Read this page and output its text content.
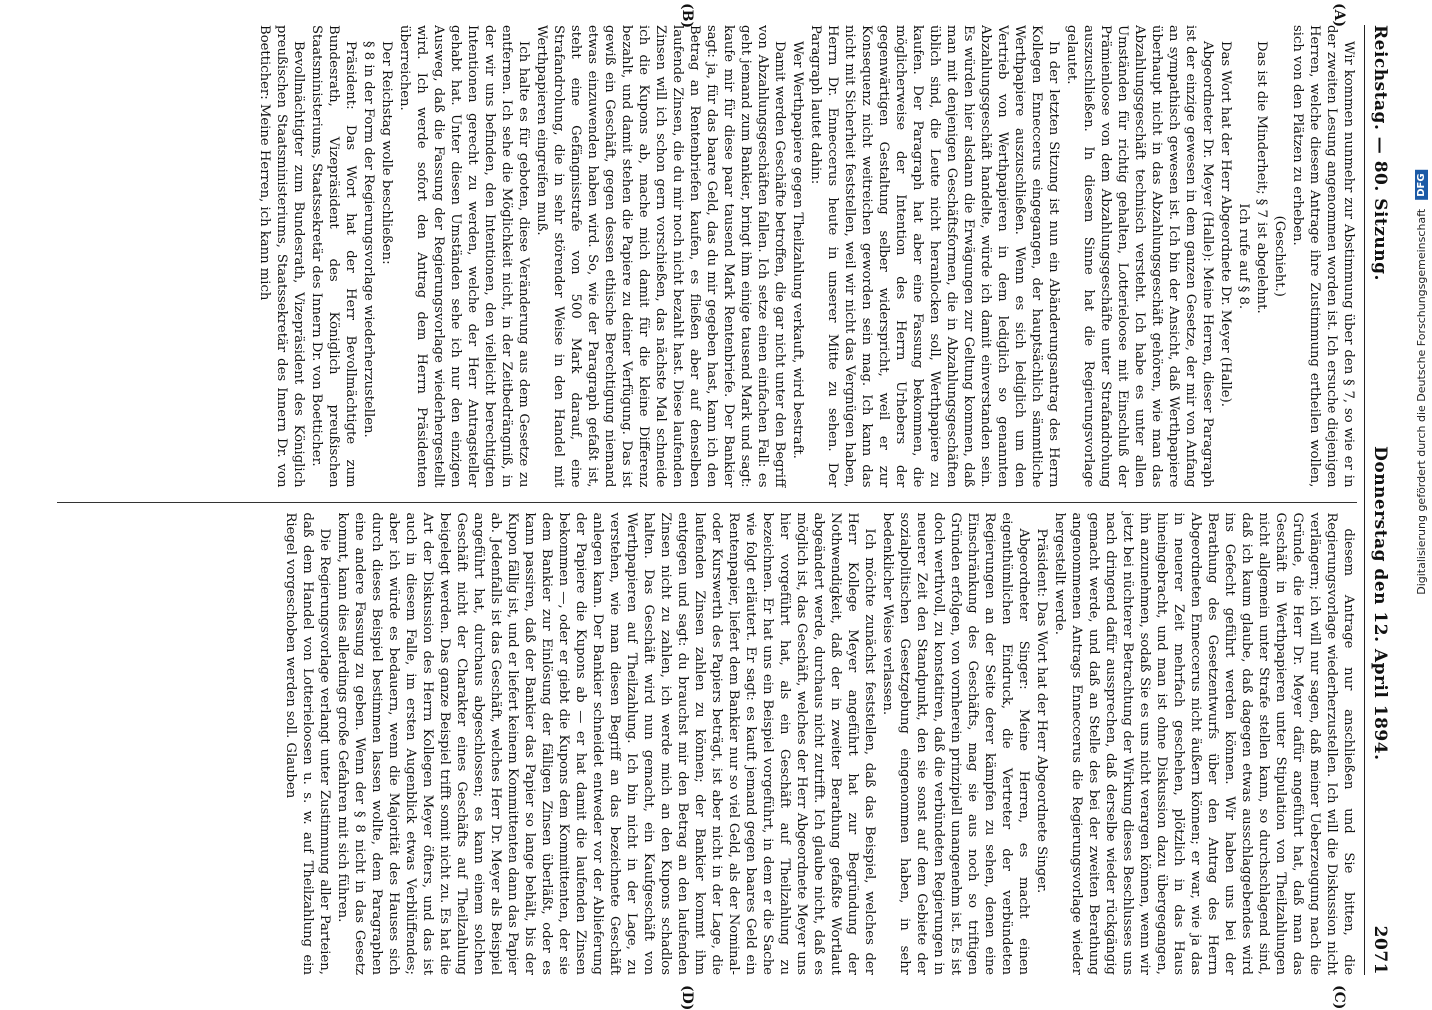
Reichstag. — 80. Sitzung.
Donnerstag den 12. April 1894.
2071

Wir kommen nunmehr zur Abstimmung über den § 7, so wie er in der zweiten Lesung angenommen worden ist. Ich ersuche diejenigen Herren, welche diesem Antrage ihre Zustimmung ertheilen wollen, sich von den Plätzen zu erheben.

(Geschieht.)

Das ist die Minderheit; § 7 ist abgelehnt.

Ich rufe auf § 8.

Das Wort hat der Herr Abgeordnete Dr. Meyer (Halle).

Abgeordneter Dr. Meyer (Halle): Meine Herren, dieser Paragraph ist der einzige gewesen in dem ganzen Gesetze, der mir von Anfang an sympathisch gewesen ist. Ich bin der Ansicht, daß Werthpapiere überhaupt nicht in das Abzahlungsgeschäft gehören, wie man das Abzahlungsgeschäft technisch versteht. Ich habe es unter allen Umständen für richtig gehalten, Lotterieloose mit Einschluß der Prämienloose von dem Abzahlungsgeschäfte unter Strafandrohung auszuschließen. In diesem Sinne hat die Regierungsvorlage gelautet.

In der letzten Sitzung ist nun ein Abänderungsantrag des Herrn Kollegen Enneccerus eingegangen, der hauptsächlich sämmtliche Werthpapiere auszuschließen. Wenn es sich lediglich um den Vertrieb von Werthpapieren in dem lediglich so genannten Abzahlungsgeschäft handelte, würde ich damit einverstanden sein. Es würden hier alsdann die Erwägungen zur Geltung kommen, daß man mit denjenigen Geschäftsformen, die in Abzahlungsgeschäften üblich sind, die Leute nicht heranlocken soll, Werthpapiere zu kaufen. Der Paragraph hat aber eine Fassung bekommen, die möglicherweise der Intention des Herrn Urhebers der gegenwärtigen Gestaltung selber widerspricht, weil er zur Konsequenz nicht weitreichen geworden sein mag. Ich kann das nicht mit Sicherheit feststellen, weil wir nicht das Vergnügen haben, Herrn Dr. Enneccerus heute in unserer Mitte zu sehen. Der Paragraph lautet dahin:

Wer Werthpapiere gegen Theilzahlung verkauft, wird bestraft.

Damit werden Geschäfte betroffen, die gar nicht unter den Begriff von Abzahlungsgeschäften fallen. Ich setze einen einfachen Fall: es geht jemand zum Bankier, bringt ihm einige tausend Mark und sagt: kaufe mir für diese paar tausend Mark Rentenbriefe. Der Bankier sagt: ja, für das baare Geld, das du mir gegeben hast, kann ich den Betrag an Rentenbriefen kaufen, es fließen aber auf denselben laufende Zinsen, die du mir noch nicht bezahlt hast. Diese laufenden Zinsen will ich schon gern vorschießen, das nächste Mal schneide ich die Kupons ab, mache mich damit für die kleine Differenz bezahlt, und damit stehen die Papiere zu deiner Verfügung. Das ist gewiß ein Geschäft, gegen dessen ethische Berechtigung niemand etwas einzuwenden haben wird. So, wie der Paragraph gefaßt ist, steht eine Gefängnisstrafe von 500 Mark darauf, eine Strafandrohung, die in sehr störender Weise in den Handel mit Werthpapieren eingreifen muß.

Ich halte es für geboten, diese Veränderung aus dem Gesetze zu entfernen. Ich sehe die Möglichkeit nicht, in der Zeitbedrängniß, in der wir uns befinden, den Intentionen, den vielleicht berechtigten Intentionen gerecht zu werden, welche der Herr Antragsteller gehabt hat. Unter diesen Umständen sehe ich nur den einzigen Ausweg, daß die Fassung der Regierungsvorlage wiederhergestellt wird. Ich werde sofort den Antrag dem Herrn Präsidenten überreichen.

Der Reichstag wolle beschließen:

§ 8 in der Form der Regierungsvorlage wiederherzustellen.

Präsident: Das Wort hat der Herr Bevollmächtigte zum Bundesrath, Vizepräsident des Königlich preußischen Staatsministeriums, Staatssekretär des Innern Dr. von Boetticher.

Bevollmächtigter zum Bundesrath, Vizepräsident des Königlich preußischen Staatsministeriums, Staatssekretär des Innern Dr. von Boetticher: Meine Herren, ich kann mich

diesem Antrage nur anschließen und Sie bitten, die Regierungsvorlage wiederherzustellen. Ich will die Diskussion nicht verlängern; ich will nur sagen, daß meiner Ueberzeugung nach die Gründe, die Herr Dr. Meyer dafür angeführt hat, daß man das Geschäft in Werthpapieren unter Stipulation von Theilzahlungen nicht allgemein unter Strafe stellen kann, so durchschlagend sind, daß ich kaum glaube, daß dagegen etwas ausschlaggebendes wird ins Gefecht geführt werden können. Wir haben uns bei der Berathung des Gesetzentwurfs über den Antrag des Herrn Abgeordneten Enneccerus nicht äußern können; er war, wie ja das in neuerer Zeit mehrfach geschehen, plötzlich in das Haus hineingebracht, und man ist ohne Diskussion dazu übergegangen, ihn anzunehmen, sodaß Sie es uns nicht verargen können, wenn wir jetzt bei nüchterer Betrachtung der Wirkung dieses Beschlusses uns nach dringend dafür aussprechen, daß derselbe wieder rückgängig gemacht werde, und daß an Stelle des bei der zweiten Berathung angenommenen Antrags Enneccerus die Regierungsvorlage wieder hergestellt werde.

Präsident: Das Wort hat der Herr Abgeordnete Singer.

Abgeordneter Singer: Meine Herren, es macht einen eigenthümlichen Eindruck, die Vertreter der verbündeten Regierungen an der Seite derer kämpfen zu sehen, denen eine Einschränkung des Geschäfts, mag sie aus noch so triftigen Gründen erfolgen, von vornherein prinzipiell unangenehm ist. Es ist doch werthvoll, zu konstatiren, daß die verbündeten Regierungen in neuerer Zeit den Standpunkt, den sie sonst auf dem Gebiete der sozialpolitischen Gesetzgebung eingenommen haben, in sehr bedenklicher Weise verlassen.

Ich möchte zunächst feststellen, daß das Beispiel, welches der Herr Kollege Meyer angeführt hat zur Begründung der Nothwendigkeit, daß der in zweiter Berathung gefaßte Wortlaut abgeändert werde, durchaus nicht zutrifft. Ich glaube nicht, daß es möglich ist, das Geschäft, welches der Herr Abgeordnete Meyer uns hier vorgeführt hat, als ein Geschäft auf Theilzahlung zu bezeichnen. Er hat uns ein Beispiel vorgeführt, in dem er die Sache wie folgt erläutert. Er sagt: es kauft jemand gegen baares Geld ein Rentenpapier, liefert dem Bankier nur so viel Geld, als der Nominal- oder Kurswerth des Papiers beträgt, ist aber nicht in der Lage, die laufenden Zinsen zahlen zu können; der Bankier kommt ihm entgegen und sagt: du brauchst mir den Betrag an den laufenden Zinsen nicht zu zahlen, ich werde mich an den Kupons schadlos halten. Das Geschäft wird nun gemacht, ein Kaufgeschäft von Werthpapieren auf Theilzahlung. Ich bin nicht in der Lage, zu verstehen, wie man diesen Begriff an das bezeichnete Geschäft anlegen kann. Der Bankier schneidet entweder vor der Ablieferung der Papiere die Kupons ab — er hat damit die laufenden Zinsen bekommen —, oder er giebt die Kupons dem Kommittenten, der sie dem Bankier zur Einlösung der fälligen Zinsen überläßt, oder es kann passiren, daß der Bankier das Papier so lange behält, bis der Kupon fällig ist, und er liefert keinem Kommittenten dann das Papier ab. Jedenfalls ist das Geschäft, welches Herr Dr. Meyer als Beispiel angeführt hat, durchaus abgeschlossen; es kann einem solchen Geschäft nicht der Charakter eines Geschäfts auf Theilzahlung beigelegt werden. Das ganze Beispiel trifft somit nicht zu. Es hat die Art der Diskussion des Herrn Kollegen Meyer öfters, und das ist auch in diesem Falle, im ersten Augenblick etwas Verblüffendes; aber ich würde es bedauern, wenn die Majorität des Hauses sich durch dieses Beispiel bestimmen lassen wollte, dem Paragraphen eine andere Fassung zu geben. Wenn der § 8 nicht in das Gesetz kommt, kann dies allerdings große Gefahren mit sich führen.

Die Regierungsvorlage verlangt unter Zustimmung aller Parteien, daß dem Handel von Lotterieloosen u. s. w. auf Theilzahlung ein Riegel vorgeschoben werden soll. Glauben

(A)
(B)
(C)
(D)
Digitalisierung gefördert durch die Deutsche Forschungsgemeinschaft DFG
